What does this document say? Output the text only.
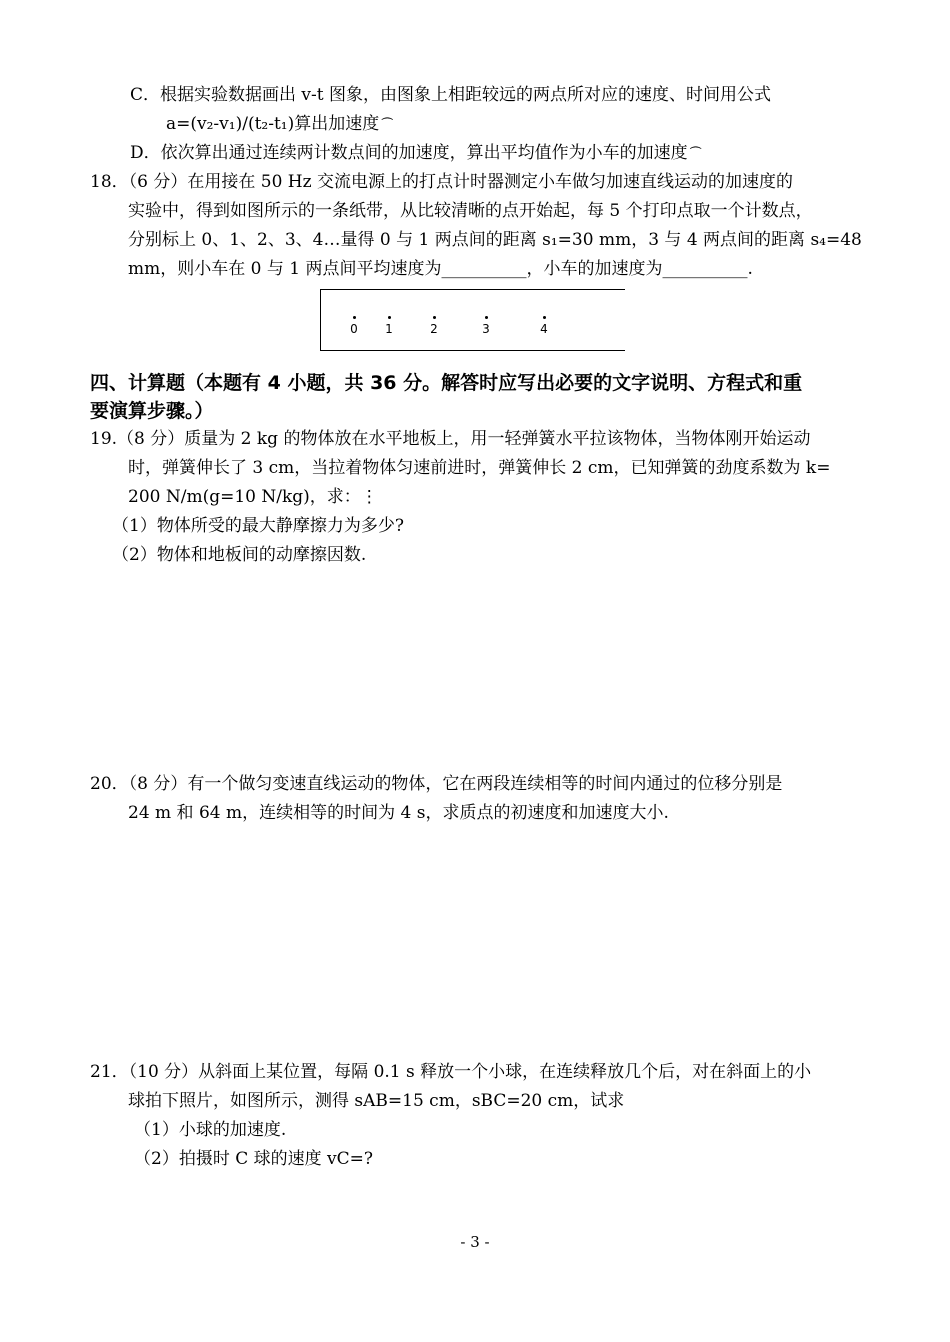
C．根据实验数据画出 v-t 图象，由图象上相距较远的两点所对应的速度、时间用公式
a=(v₂-v₁)/(t₂-t₁)算出加速度 ⏜
D．依次算出通过连续两计数点间的加速度，算出平均值作为小车的加速度 ⏜
18．（6 分）在用接在 50 Hz 交流电源上的打点计时器测定小车做匀加速直线运动的加速度的
实验中，得到如图所示的一条纸带，从比较清晰的点开始起，每 5 个打印点取一个计数点，
分别标上 0、1、2、3、4…量得 0 与 1 两点间的距离 s₁=30 mm，3 与 4 两点间的距离 s₄=48
mm，则小车在 0 与 1 两点间平均速度为__________，小车的加速度为__________.
0 1	2	3	4
四、计算题（本题有 4 小题，共 36 分。解答时应写出必要的文字说明、方程式和重
要演算步骤。）
19.（8 分）质量为 2 kg 的物体放在水平地板上，用一轻弹簧水平拉该物体，当物体刚开始运动
时，弹簧伸长了 3 cm，当拉着物体匀速前进时，弹簧伸长 2 cm，已知弹簧的劲度系数为 k=
200 N/m(g=10 N/kg)，求：⋮
（1）物体所受的最大静摩擦力为多少?
（2）物体和地板间的动摩擦因数.
20．（8 分）有一个做匀变速直线运动的物体，它在两段连续相等的时间内通过的位移分别是
24 m 和 64 m，连续相等的时间为 4 s，求质点的初速度和加速度大小.
21．（10 分）从斜面上某位置，每隔 0.1 s 释放一个小球，在连续释放几个后，对在斜面上的小
球拍下照片，如图所示，测得 sAB=15 cm，sBC=20 cm，试求
（1）小球的加速度.
（2）拍摄时 C 球的速度 vC=?
- 3 -
